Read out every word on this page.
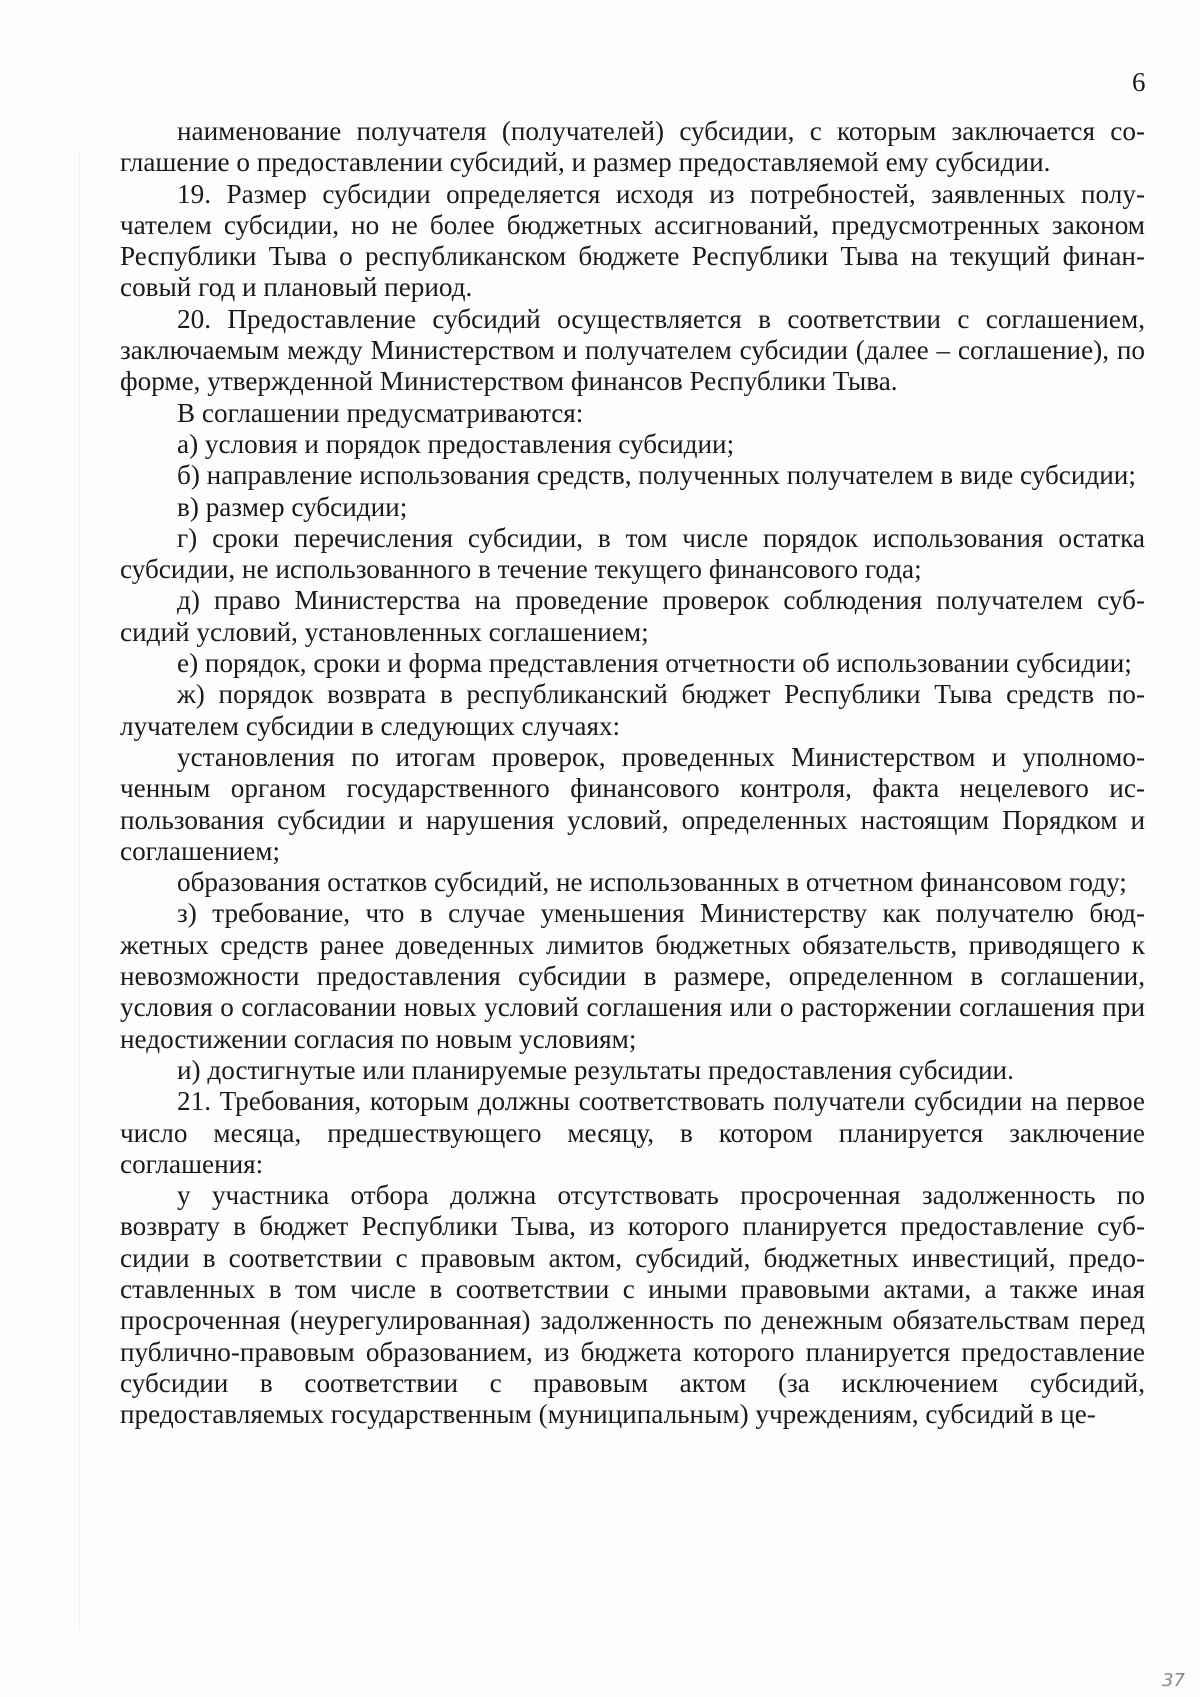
6

наименование получателя (получателей) субсидии, с которым заключается соглашение о предоставлении субсидий, и размер предоставляемой ему субсидии.

19. Размер субсидии определяется исходя из потребностей, заявленных получателем субсидии, но не более бюджетных ассигнований, предусмотренных законом Республики Тыва о республиканском бюджете Республики Тыва на текущий финансовый год и плановый период.

20. Предоставление субсидий осуществляется в соответствии с соглашением, заключаемым между Министерством и получателем субсидии (далее – соглашение), по форме, утвержденной Министерством финансов Республики Тыва.

В соглашении предусматриваются:

а) условия и порядок предоставления субсидии;

б) направление использования средств, полученных получателем в виде субсидии;

в) размер субсидии;

г) сроки перечисления субсидии, в том числе порядок использования остатка субсидии, не использованного в течение текущего финансового года;

д) право Министерства на проведение проверок соблюдения получателем субсидий условий, установленных соглашением;

е) порядок, сроки и форма представления отчетности об использовании субсидии;

ж) порядок возврата в республиканский бюджет Республики Тыва средств получателем субсидии в следующих случаях:

установления по итогам проверок, проведенных Министерством и уполномоченным органом государственного финансового контроля, факта нецелевого использования субсидии и нарушения условий, определенных настоящим Порядком и соглашением;

образования остатков субсидий, не использованных в отчетном финансовом году;

з) требование, что в случае уменьшения Министерству как получателю бюджетных средств ранее доведенных лимитов бюджетных обязательств, приводящего к невозможности предоставления субсидии в размере, определенном в соглашении, условия о согласовании новых условий соглашения или о расторжении соглашения при недостижении согласия по новым условиям;

и) достигнутые или планируемые результаты предоставления субсидии.

21. Требования, которым должны соответствовать получатели субсидии на первое число месяца, предшествующего месяцу, в котором планируется заключение соглашения:

у участника отбора должна отсутствовать просроченная задолженность по возврату в бюджет Республики Тыва, из которого планируется предоставление субсидии в соответствии с правовым актом, субсидий, бюджетных инвестиций, предоставленных в том числе в соответствии с иными правовыми актами, а также иная просроченная (неурегулированная) задолженность по денежным обязательствам перед публично-правовым образованием, из бюджета которого планируется предоставление субсидии в соответствии с правовым актом (за исключением субсидий, предоставляемых государственным (муниципальным) учреждениям, субсидий в це-

37
